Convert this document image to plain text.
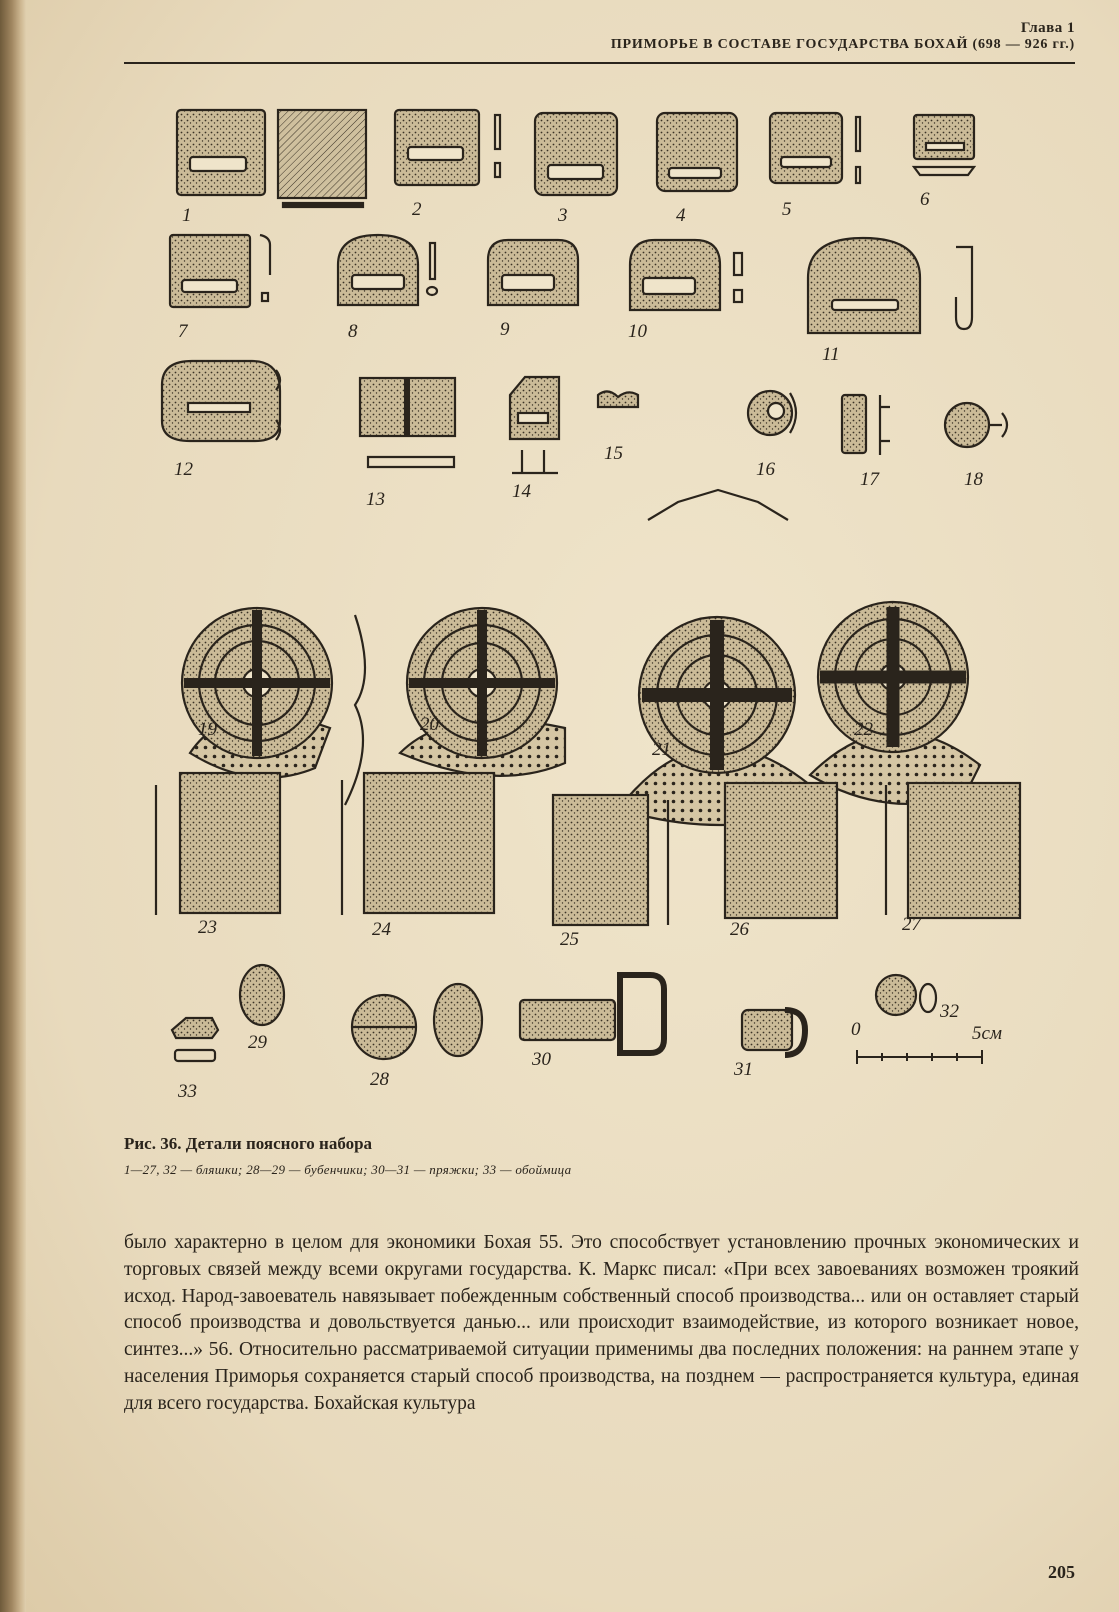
Глава 1
ПРИМОРЬЕ В СОСТАВЕ ГОСУДАРСТВА БОХАЙ (698 — 926 гг.)
0	5см
1	2	3	4	5	6
7	8	9	10
11
12
13	14
15
16	17	18
19	20
21
22
23	24	25	26	27
28
29
30	31
32
33
Рис. 36. Детали поясного набора
1—27, 32 — бляшки; 28—29 — бубенчики; 30—31 — пряжки; 33 — обоймица

было характерно в целом для экономики Бохая 55. Это способствует установлению прочных экономических и торговых связей между всеми округами государства. К. Маркс писал: «При всех завоеваниях возможен троякий исход. Народ-завоеватель навязывает побежденным собственный способ производства... или он оставляет старый способ производства и довольствуется данью... или происходит взаимодействие, из которого возникает новое, синтез...» 56. Относительно рассматриваемой ситуации применимы два последних положения: на раннем этапе у населения Приморья сохраняется старый способ производства, на позднем — распространяется культура, единая для всего государства. Бохайская культура

205
